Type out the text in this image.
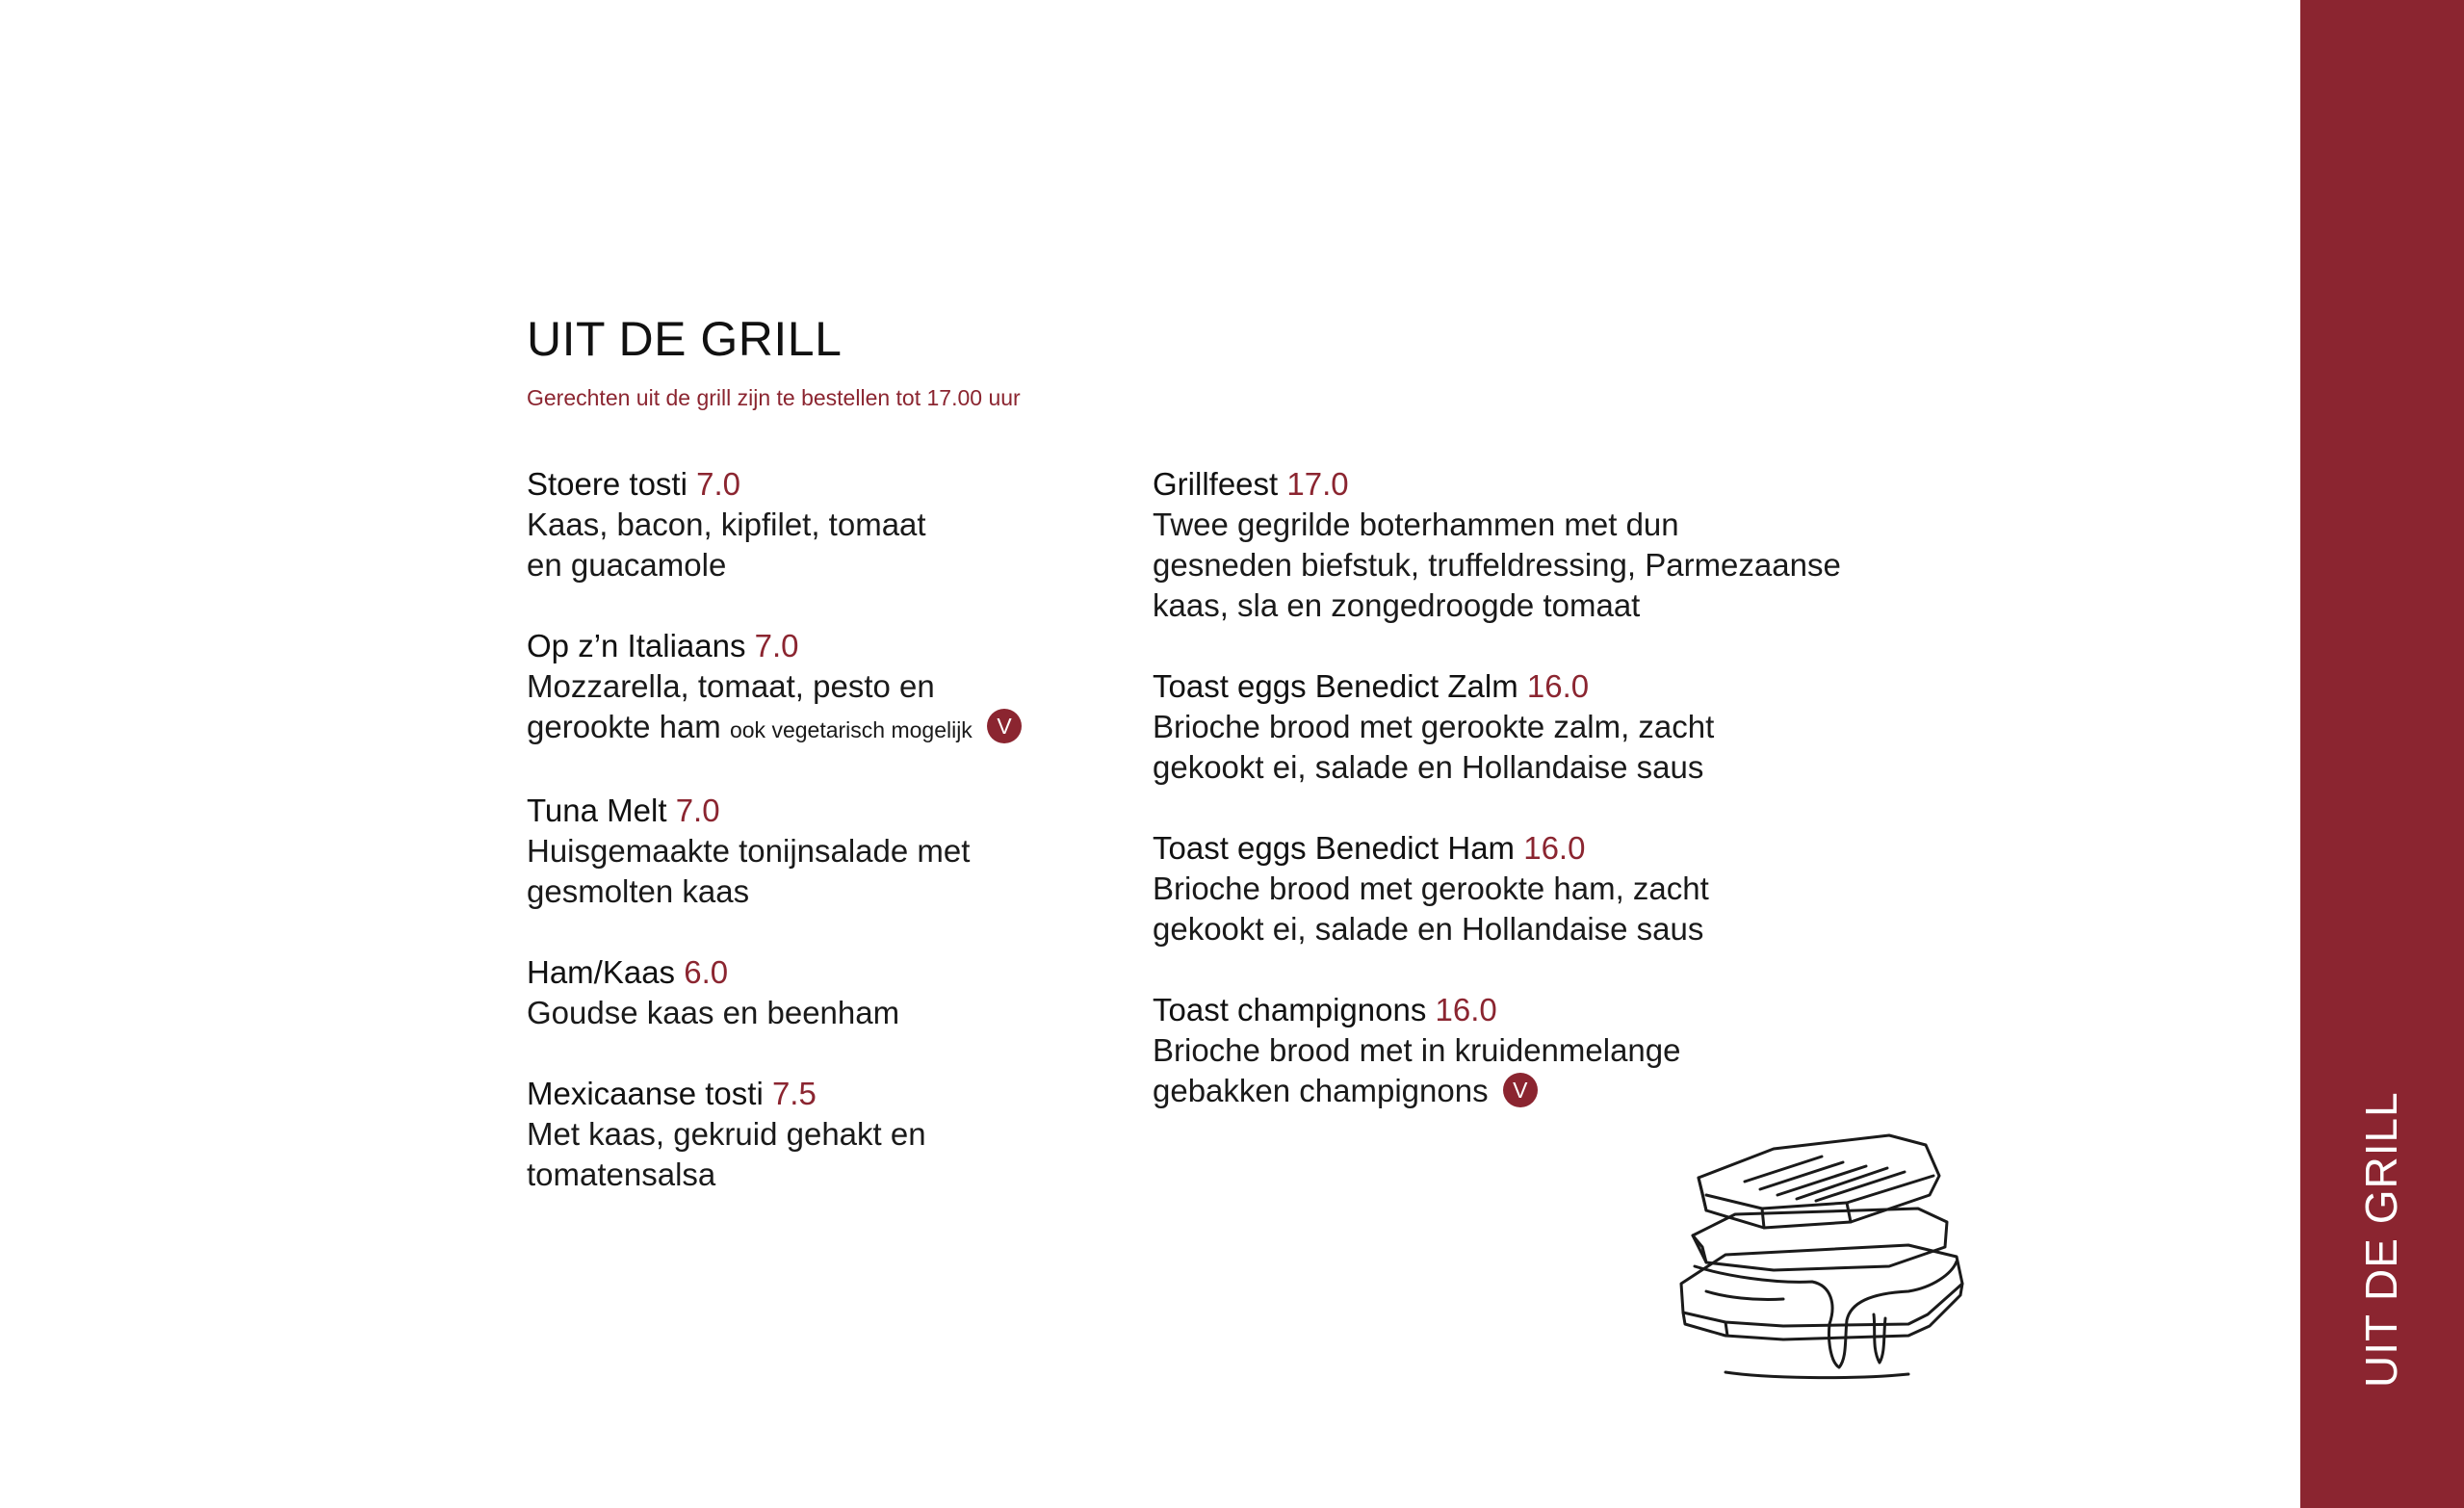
UIT DE GRILL

Gerechten uit de grill zijn te bestellen tot 17.00 uur

Stoere tosti 7.0
Kaas, bacon, kipfilet, tomaat
en guacamole
Op z’n Italiaans 7.0
Mozzarella, tomaat, pesto en
gerookte ham ook vegetarisch mogelijk V
Tuna Melt 7.0
Huisgemaakte tonijnsalade met
gesmolten kaas
Ham/Kaas 6.0
Goudse kaas en beenham
Mexicaanse tosti 7.5
Met kaas, gekruid gehakt en
tomatensalsa
Grillfeest 17.0
Twee gegrilde boterhammen met dun
gesneden biefstuk, truffeldressing, Parmezaanse
kaas, sla en zongedroogde tomaat
Toast eggs Benedict Zalm 16.0
Brioche brood met gerookte zalm, zacht
gekookt ei, salade en Hollandaise saus
Toast eggs Benedict Ham 16.0
Brioche brood met gerookte ham, zacht
gekookt ei, salade en Hollandaise saus
Toast champignons 16.0
Brioche brood met in kruidenmelange
gebakken champignons V

UIT DE GRILL
